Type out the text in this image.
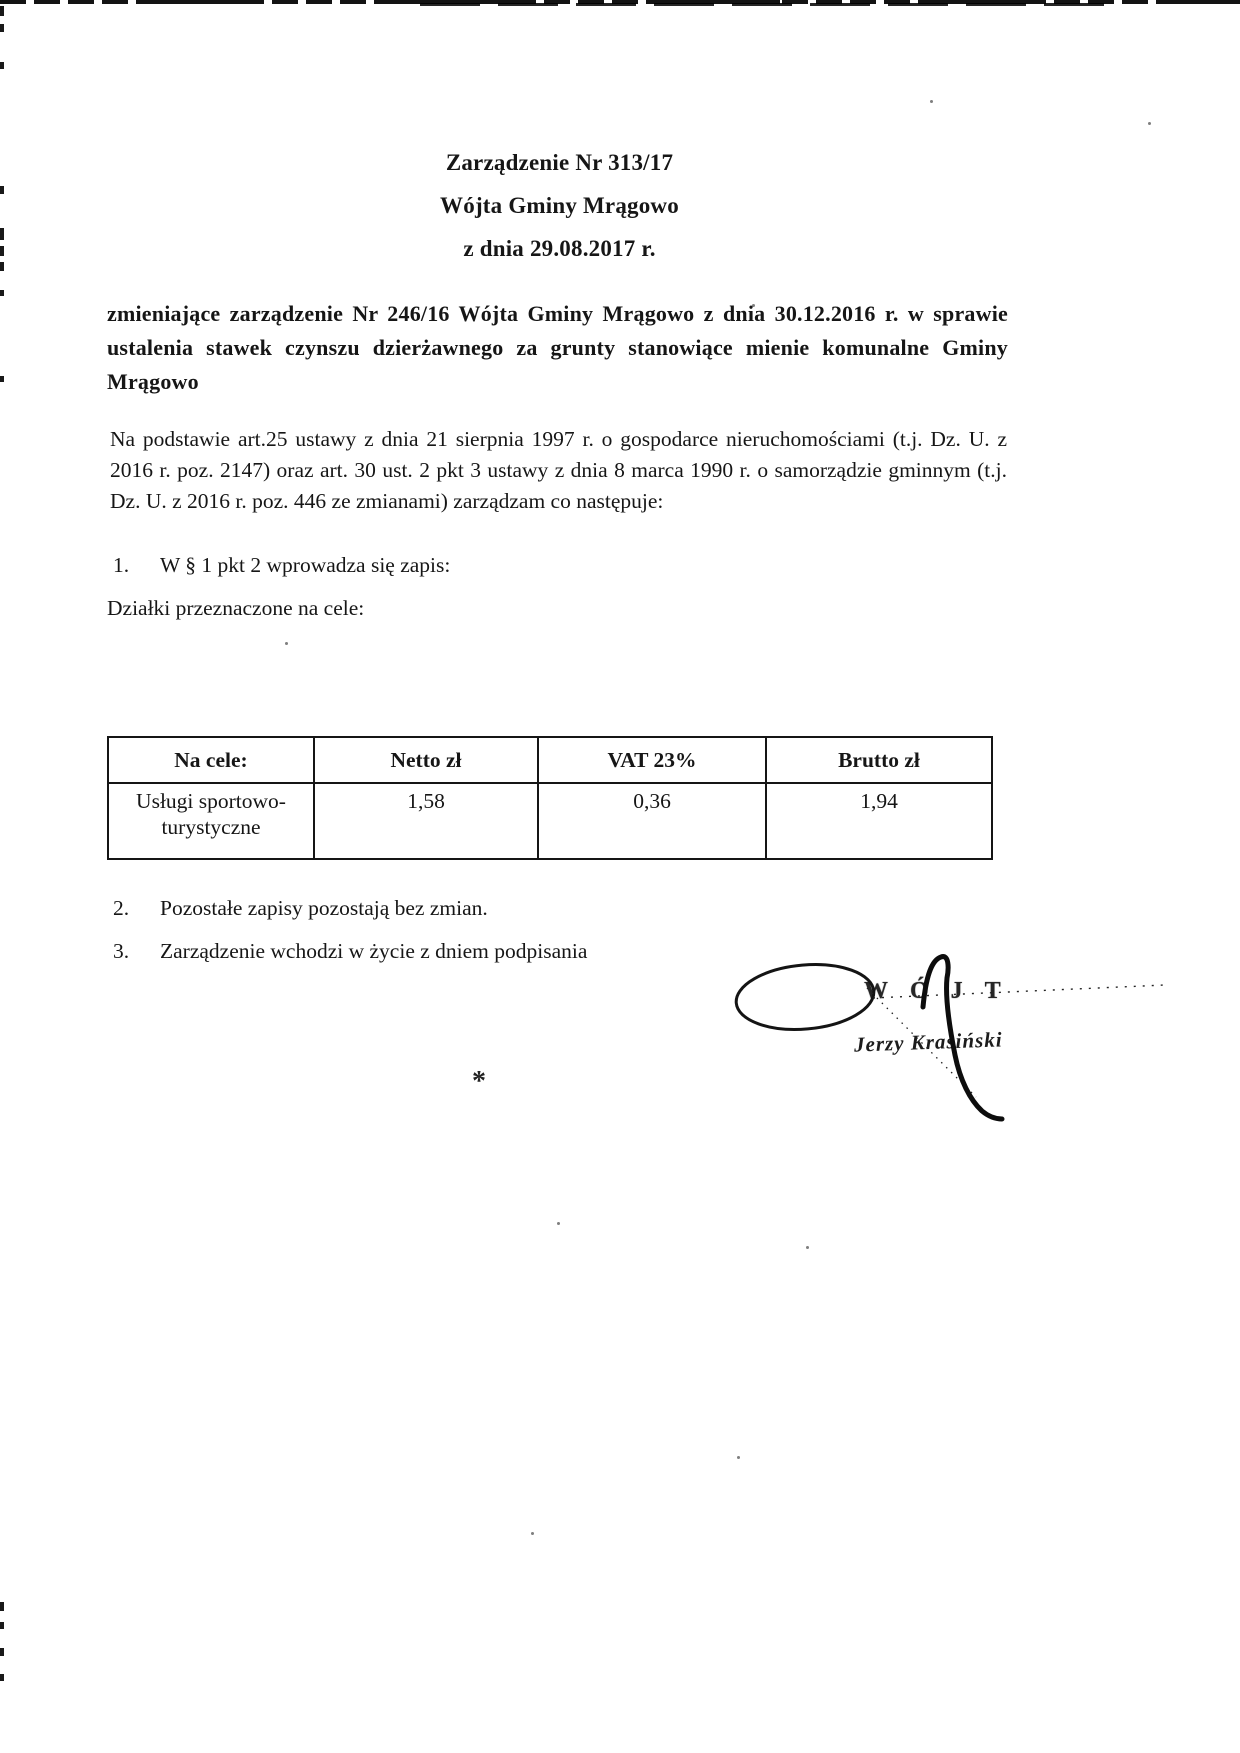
Zarządzenie Nr 313/17
Wójta Gminy Mrągowo
z dnia 29.08.2017 r.

zmieniające zarządzenie Nr 246/16 Wójta Gminy Mrągowo z dnia 30.12.2016 r. w sprawie ustalenia stawek czynszu dzierżawnego za grunty stanowiące mienie komunalne Gminy Mrągowo

Na podstawie art.25 ustawy z dnia 21 sierpnia 1997 r. o gospodarce nieruchomościami (t.j. Dz. U. z 2016 r. poz. 2147) oraz art. 30 ust. 2 pkt 3 ustawy z dnia 8 marca 1990 r. o samorządzie gminnym (t.j. Dz. U. z 2016 r. poz. 446 ze zmianami) zarządzam co następuje:

1. W § 1 pkt 2 wprowadza się zapis:
Działki przeznaczone na cele:
Na cele:	Netto zł	VAT 23%	Brutto zł
Usługi sportowo-turystyczne	1,58	0,36	1,94
2. Pozostałe zapisy pozostają bez zmian.
3. Zarządzenie wchodzi w życie z dniem podpisania
*
WÓJT
Jerzy Krasiński
